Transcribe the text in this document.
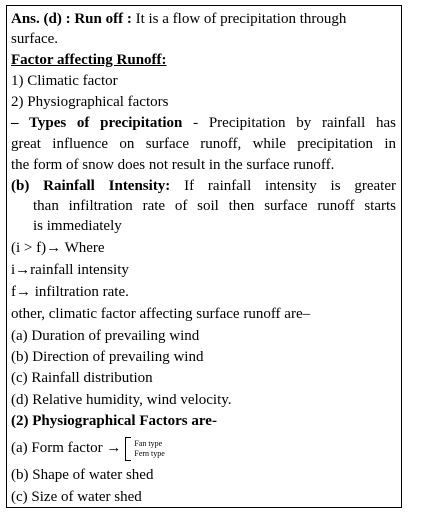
Ans. (d) : Run off : It is a flow of precipitation through
surface.
Factor affecting Runoff:
1) Climatic factor
2) Physiographical factors
– Types of precipitation - Precipitation by rainfall has
great influence on surface runoff, while precipitation in
the form of snow does not result in the surface runoff.
(b) Rainfall Intensity: If rainfall intensity is greater
than infiltration rate of soil then surface runoff starts
is immediately
(i > f)→ Where
i→rainfall intensity
f→ infiltration rate.
other, climatic factor affecting surface runoff are–
(a) Duration of prevailing wind
(b) Direction of prevailing wind
(c) Rainfall distribution
(d) Relative humidity, wind velocity.
(2) Physiographical Factors are-
(a) Form factor → Fan type
Fern type
(b) Shape of water shed
(c) Size of water shed
